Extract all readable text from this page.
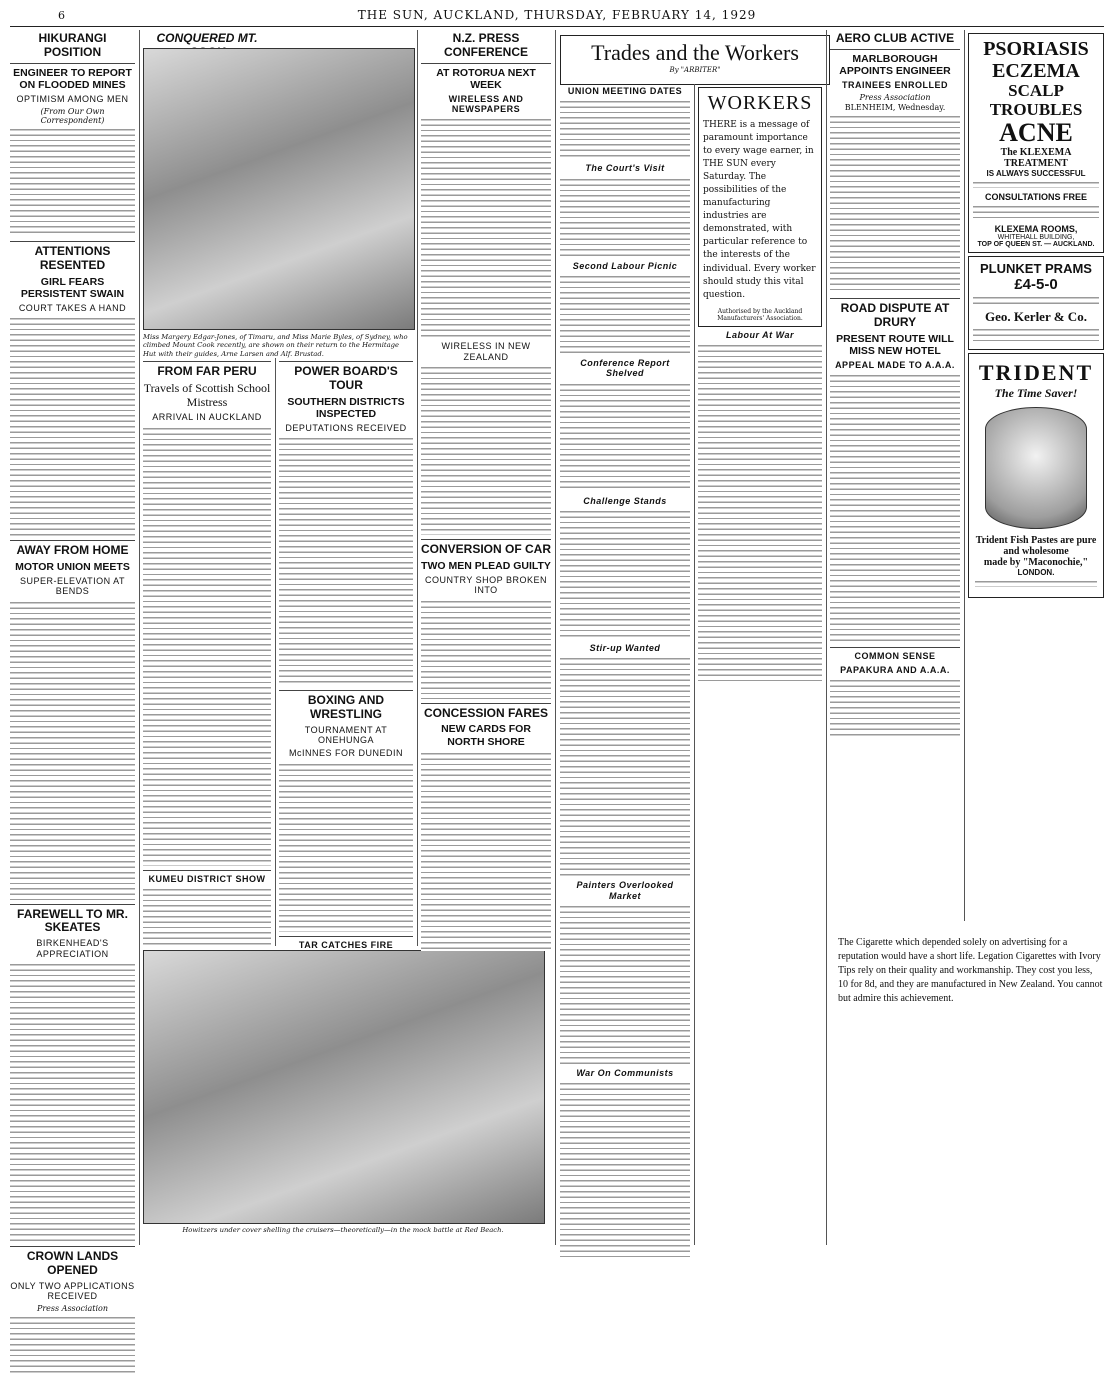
6	THE SUN, AUCKLAND, THURSDAY, FEBRUARY 14, 1929
HIKURANGI POSITION
ENGINEER TO REPORT ON FLOODED MINES
OPTIMISM AMONG MEN
(From Our Own Correspondent)
ATTENTIONS RESENTED
GIRL FEARS PERSISTENT SWAIN
COURT TAKES A HAND
AWAY FROM HOME
MOTOR UNION MEETS
SUPER-ELEVATION AT BENDS
FAREWELL TO MR. SKEATES
BIRKENHEAD'S APPRECIATION
CROWN LANDS OPENED
ONLY TWO APPLICATIONS RECEIVED
Press Association
CONQUERED MT.
Miss Margery Edgar-Jones, of Timaru, and Miss Marie Byles, of Sydney, who climbed Mount Cook recently, are shown on their return to the Hermitage Hut with their guides, Arne Larsen and Alf. Brustad.
FROM FAR PERU
Travels of Scottish School Mistress
ARRIVAL IN AUCKLAND
KUMEU DISTRICT SHOW
POWER BOARD'S TOUR
SOUTHERN DISTRICTS INSPECTED
DEPUTATIONS RECEIVED
BOXING AND WRESTLING
TOURNAMENT AT ONEHUNGA
McINNES FOR DUNEDIN
TAR CATCHES FIRE
Howitzers under cover shelling the cruisers—theoretically—in the mock battle at Red Beach.
N.Z. PRESS CONFERENCE
AT ROTORUA NEXT WEEK
WIRELESS AND NEWSPAPERS
WIRELESS IN NEW ZEALAND
CONVERSION OF CAR
TWO MEN PLEAD GUILTY
COUNTRY SHOP BROKEN INTO
CONCESSION FARES
NEW CARDS FOR NORTH SHORE
Trades and the Workers
By "ARBITER"
UNION MEETING DATES
The Court's Visit
Second Labour Picnic
Conference Report Shelved
Challenge Stands
Stir-up Wanted
Painters Overlooked Market
War On Communists
WORKERS
THERE is a message of paramount importance to every wage earner, in THE SUN every Saturday. The possibilities of the manufacturing industries are demonstrated, with particular reference to the interests of the individual. Every worker should study this vital question.
Authorised by the Auckland Manufacturers' Association.
Labour At War
AERO CLUB ACTIVE
MARLBOROUGH APPOINTS ENGINEER
TRAINEES ENROLLED
Press Association
BLENHEIM, Wednesday.
ROAD DISPUTE AT DRURY
PRESENT ROUTE WILL MISS NEW HOTEL
APPEAL MADE TO A.A.A.
COMMON SENSE
PAPAKURA AND A.A.A.
The Cigarette which depended solely on advertising for a reputation would have a short life. Legation Cigarettes with Ivory Tips rely on their quality and workmanship. They cost you less, 10 for 8d, and they are manufactured in New Zealand. You cannot but admire this achievement.
PSORIASIS
ECZEMA
SCALP TROUBLES
ACNE
The KLEXEMA TREATMENT
IS ALWAYS SUCCESSFUL
CONSULTATIONS FREE
KLEXEMA ROOMS,
WHITEHALL BUILDING,
TOP OF QUEEN ST. — AUCKLAND.
PLUNKET PRAMS
£4-5-0
Geo. Kerler & Co.
TRIDENT
The Time Saver!
Trident Fish Pastes are pure and wholesome
made by "Maconochie,"
LONDON.
